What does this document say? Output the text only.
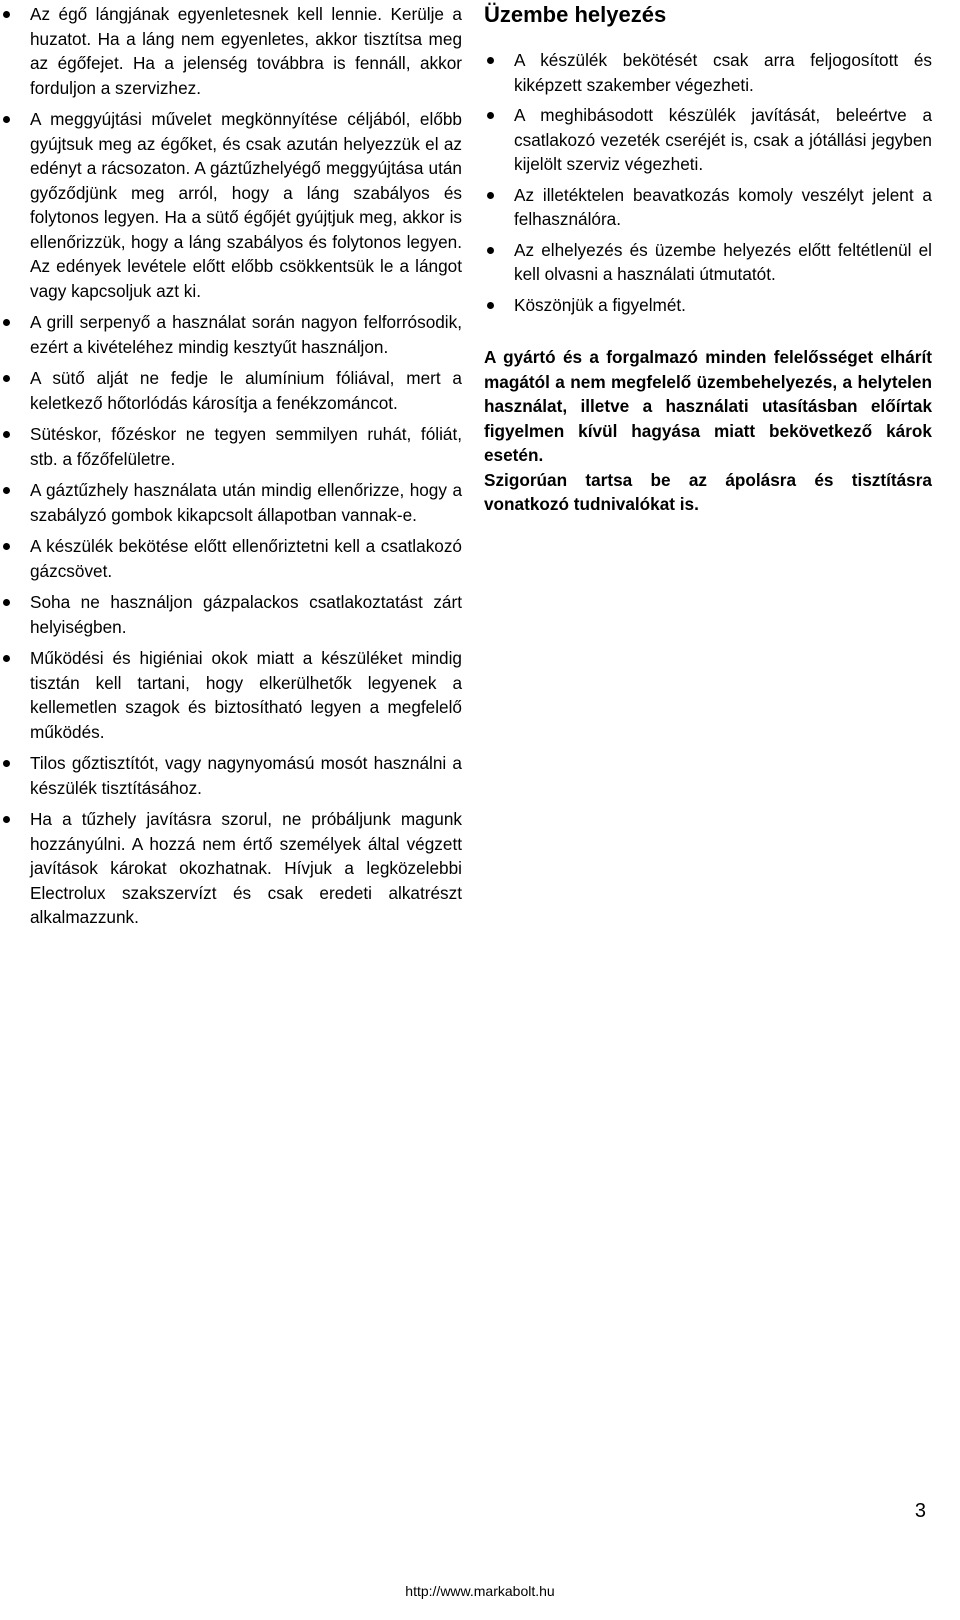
Az égő lángjának egyenletesnek kell lennie. Kerülje a huzatot. Ha a láng nem egyenletes, akkor tisztítsa meg az égőfejet. Ha a jelenség továbbra is fennáll, akkor forduljon a szervizhez.
A meggyújtási művelet megkönnyítése céljából, előbb gyújtsuk meg az égőket, és csak azután helyezzük el az edényt a rácsozaton. A gáztűzhelyégő meggyújtása után győződjünk meg arról, hogy a láng szabályos és folytonos legyen. Ha a sütő égőjét gyújtjuk meg, akkor is ellenőrizzük, hogy a láng szabályos és folytonos legyen. Az edények levétele előtt előbb csökkentsük le a lángot vagy kapcsoljuk azt ki.
A grill serpenyő a használat során nagyon felforrósodik, ezért a kivételéhez mindig kesztyűt használjon.
A sütő alját ne fedje le alumínium fóliával, mert a keletkező hőtorlódás károsítja a fenékzománcot.
Sütéskor, főzéskor ne tegyen semmilyen ruhát, fóliát, stb. a főzőfelületre.
A gáztűzhely használata után mindig ellenőrizze, hogy a szabályzó gombok kikapcsolt állapotban vannak-e.
A készülék bekötése előtt ellenőriztetni kell a csatlakozó gázcsövet.
Soha ne használjon gázpalackos csatlakoztatást zárt helyiségben.
Működési és higiéniai okok miatt a készüléket mindig tisztán kell tartani, hogy elkerülhetők legyenek a kellemetlen szagok és biztosítható legyen a megfelelő működés.
Tilos gőztisztítót, vagy nagynyomású mosót használni a készülék tisztításához.
Ha a tűzhely javításra szorul, ne próbáljunk magunk hozzányúlni. A hozzá nem értő személyek által végzett javítások károkat okozhatnak. Hívjuk a legközelebbi Electrolux szakszervízt és csak eredeti alkatrészt alkalmazzunk.
Üzembe helyezés
A készülék bekötését csak arra feljogosított és kiképzett szakember végezheti.
A meghibásodott készülék javítását, beleértve a csatlakozó vezeték cseréjét is, csak a jótállási jegyben kijelölt szerviz végezheti.
Az illetéktelen beavatkozás komoly veszélyt jelent a felhasználóra.
Az elhelyezés és üzembe helyezés előtt feltétlenül el kell olvasni a használati útmutatót.
Köszönjük a figyelmét.

A gyártó és a forgalmazó minden felelősséget elhárít magától a nem megfelelő üzembehelyezés, a helytelen használat, illetve a használati utasításban előírtak figyelmen kívül hagyása miatt bekövetkező károk esetén.

Szigorúan tartsa be az ápolásra és tisztításra vonatkozó tudnivalókat is.

3
http://www.markabolt.hu
